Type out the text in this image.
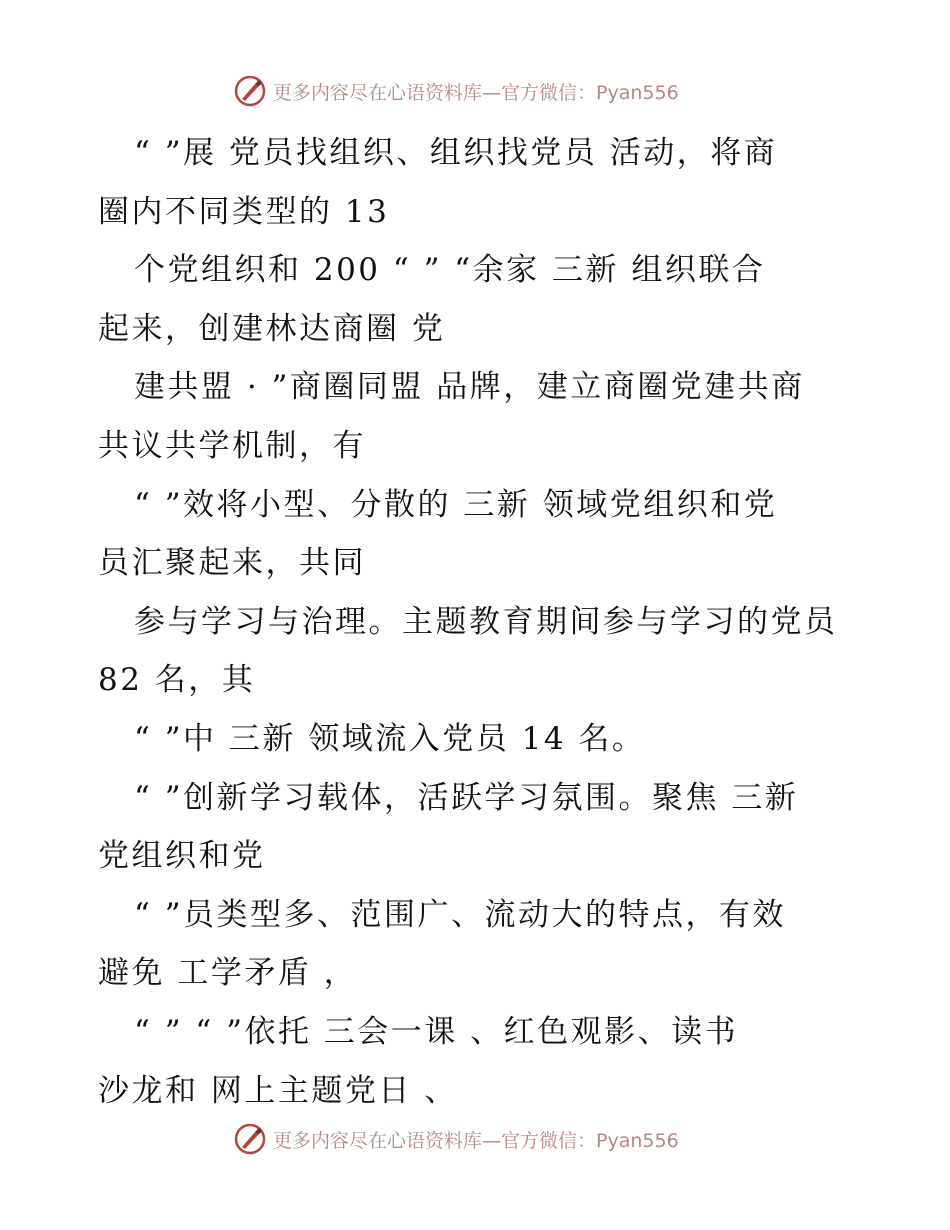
更多内容尽在心语资料库—官方微信：Pyan556
“ ”展 党员找组织、组织找党员 活动，将商
圈内不同类型的 13
个党组织和 200 “ ” “余家 三新 组织联合
起来，创建林达商圈 党
建共盟 · ”商圈同盟 品牌，建立商圈党建共商
共议共学机制，有
“ ”效将小型、分散的 三新 领域党组织和党
员汇聚起来，共同
参与学习与治理。主题教育期间参与学习的党员
82 名，其
“ ”中 三新 领域流入党员 14 名。
“ ”创新学习载体，活跃学习氛围。聚焦 三新
党组织和党
“ ”员类型多、范围广、流动大的特点，有效
避免 工学矛盾 ，
“ ” “ ”依托 三会一课 、红色观影、读书
沙龙和 网上主题党日 、
更多内容尽在心语资料库—官方微信：Pyan556
